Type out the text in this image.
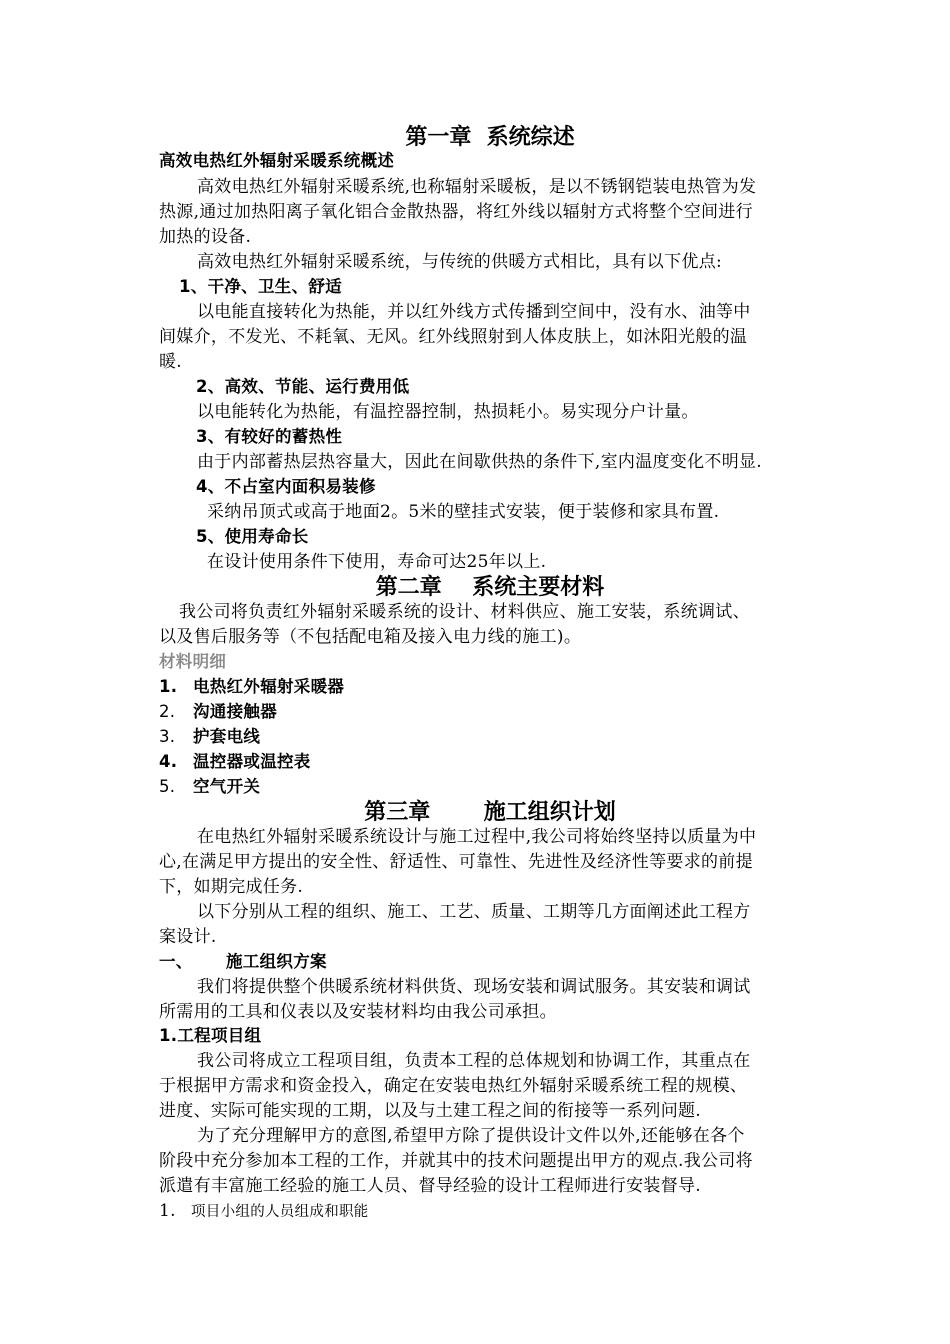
第一章  系统综述
高效电热红外辐射采暖系统概述
高效电热红外辐射采暖系统,也称辐射采暖板，是以不锈钢铠装电热管为发
热源,通过加热阳离子氧化铝合金散热器，将红外线以辐射方式将整个空间进行
加热的设备.
高效电热红外辐射采暖系统，与传统的供暖方式相比，具有以下优点:
1、干净、卫生、舒适
以电能直接转化为热能，并以红外线方式传播到空间中，没有水、油等中
间媒介，不发光、不耗氧、无风。红外线照射到人体皮肤上，如沐阳光般的温
暖.
2、高效、节能、运行费用低
以电能转化为热能，有温控器控制，热损耗小。易实现分户计量。
3、有较好的蓄热性
由于内部蓄热层热容量大，因此在间歇供热的条件下,室内温度变化不明显.
4、不占室内面积易装修
采纳吊顶式或高于地面2。5米的壁挂式安装，便于装修和家具布置.
5、使用寿命长
在设计使用条件下使用，寿命可达25年以上.
第二章    系统主要材料
我公司将负责红外辐射采暖系统的设计、材料供应、施工安装，系统调试、
以及售后服务等（不包括配电箱及接入电力线的施工)。
材料明细
1. 电热红外辐射采暖器
2. 沟通接触器
3. 护套电线
4. 温控器或温控表
5. 空气开关
第三章       施工组织计划
在电热红外辐射采暖系统设计与施工过程中,我公司将始终坚持以质量为中
心,在满足甲方提出的安全性、舒适性、可靠性、先进性及经济性等要求的前提
下，如期完成任务.
以下分别从工程的组织、施工、工艺、质量、工期等几方面阐述此工程方
案设计.
一、 施工组织方案
我们将提供整个供暖系统材料供货、现场安装和调试服务。其安装和调试
所需用的工具和仪表以及安装材料均由我公司承担。
1.工程项目组
我公司将成立工程项目组，负责本工程的总体规划和协调工作，其重点在
于根据甲方需求和资金投入，确定在安装电热红外辐射采暖系统工程的规模、
进度、实际可能实现的工期，以及与土建工程之间的衔接等一系列问题.
为了充分理解甲方的意图,希望甲方除了提供设计文件以外,还能够在各个
阶段中充分参加本工程的工作，并就其中的技术问题提出甲方的观点.我公司将
派遣有丰富施工经验的施工人员、督导经验的设计工程师进行安装督导.
1. 项目小组的人员组成和职能
